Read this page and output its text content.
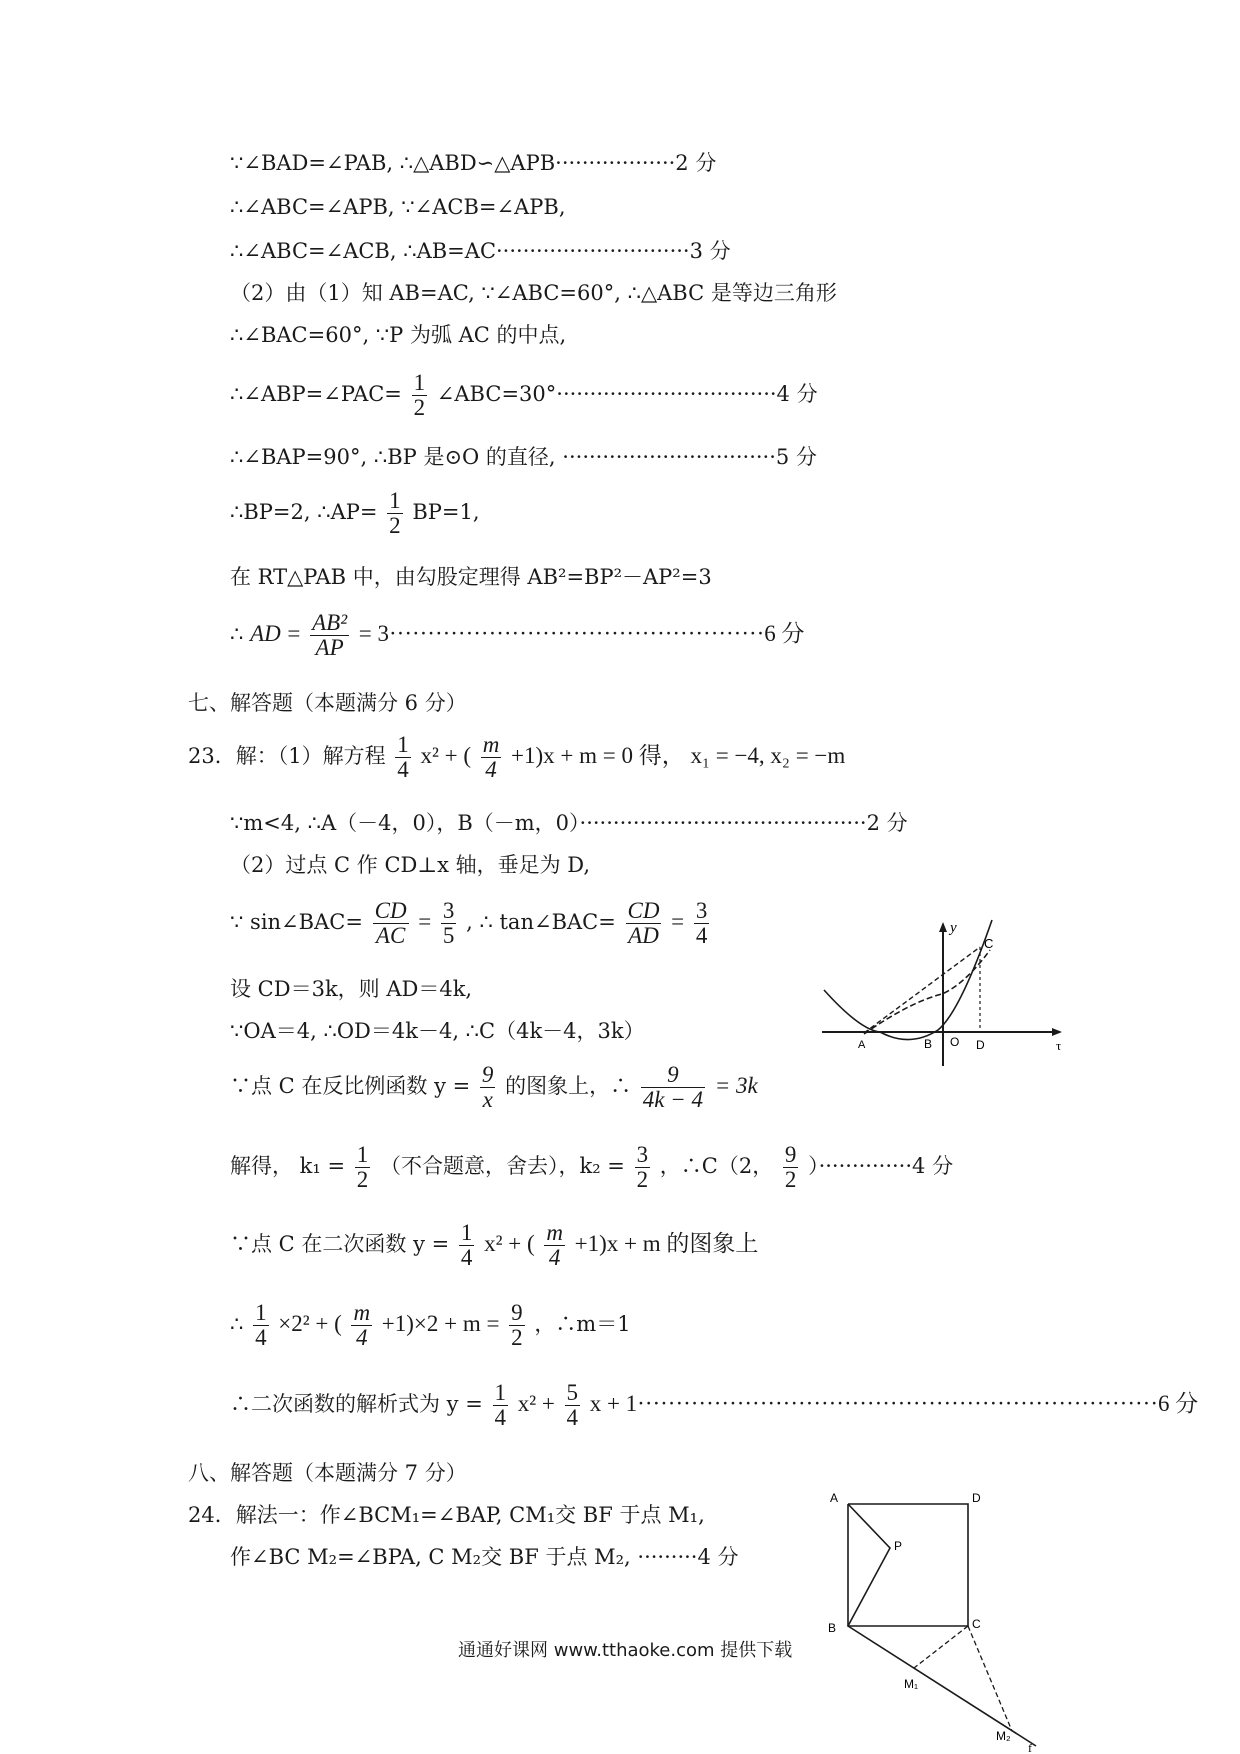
∵∠BAD=∠PAB, ∴△ABD∽△APB··················2 分
∴∠ABC=∠APB, ∵∠ACB=∠APB,
∴∠ABC=∠ACB, ∴AB=AC·····························3 分
（2）由（1）知 AB=AC, ∵∠ABC=60°, ∴△ABC 是等边三角形
∴∠BAC=60°, ∵P 为弧 AC 的中点,
∴∠ABP=∠PAC= $\frac{1}{2}$ ∠ABC=30°·································4 分
∴∠BAP=90°, ∴BP 是⊙O 的直径, ································5 分
∴BP=2, ∴AP= $\frac{1}{2} BP=1$,
在 RT△PAB 中，由勾股定理得 AB²=BP²－AP²=3
∴ AD = $\frac{\text{AB²}}{AP} = 3\cdot\cdot\cdot\cdot\cdot\cdot\cdot\cdot\cdot\cdot\cdot\cdot\cdot\cdot\cdot\cdot\cdot\cdot\cdot\cdot\cdot\cdot\cdot\cdot\cdot\cdot\cdot\cdot\cdot\cdot\cdot\cdot\cdot\cdot\cdot\cdot\cdot\cdot\cdot\cdot\cdot\cdot\cdot\cdot\cdot\cdot\cdot\cdot\cdot 6$ 分
七、解答题（本题满分 6 分）
23．解：（1）解方程 $\frac{1}{4} x^2$ + ( $\frac{m}{4} +1)x + m = 0$ 得， x₁ = −4, x₂ = −m
∵m<4, ∴A（－4，0），B（－m，0）···········································2 分
（2）过点 C 作 CD⊥x 轴，垂足为 D,
∵ sin∠BAC= $\frac{CD}{AC} = \frac{3}{5}$ , ∴ tan∠BAC= $\frac{CD}{AD} = \frac{3}{4}$
设 CD＝3k，则 AD＝4k,
∵OA＝4, ∴OD＝4k－4, ∴C（4k－4，3k）
∵点 C 在反比例函数 $y = \frac{9}{x}$ 的图象上，∴ $\frac{9}{4k - 4} = 3k$
解得， $k_1 = \frac{1}{2}$ （不合题意，舍去），$k_2 = \frac{3}{2}$ ，∴C（2， $\frac{9}{2} )\cdot\cdot\cdot\cdot\cdot\cdot\cdot\cdot\cdot\cdot\cdot\cdot\cdot\cdot 4$ 分
∵点 C 在二次函数 $y = \frac{1}{4} x^2$ + ( $\frac{m}{4} +1)x + m$ 的图象上
∴ $\frac{1}{4} \times 2^2$ + ( $\frac{m}{4} +1)\times 2 + m = \frac{9}{2}$ ，∴m＝1
∴二次函数的解析式为 $y = \frac{1}{4} x^2 + \frac{5}{4}$ x + 1····································································6 分
八、解答题（本题满分 7 分）
24．解法一：作∠BCM₁=∠BAP, CM₁交 BF 于点 M₁,
作∠BC M₂=∠BPA, C M₂交 BF 于点 M₂, ·········4 分
y
C
A	B O D	τ
A	D
P
B	C
M₁
M₂
f
通通好课网 www.tthaoke.com 提供下载
